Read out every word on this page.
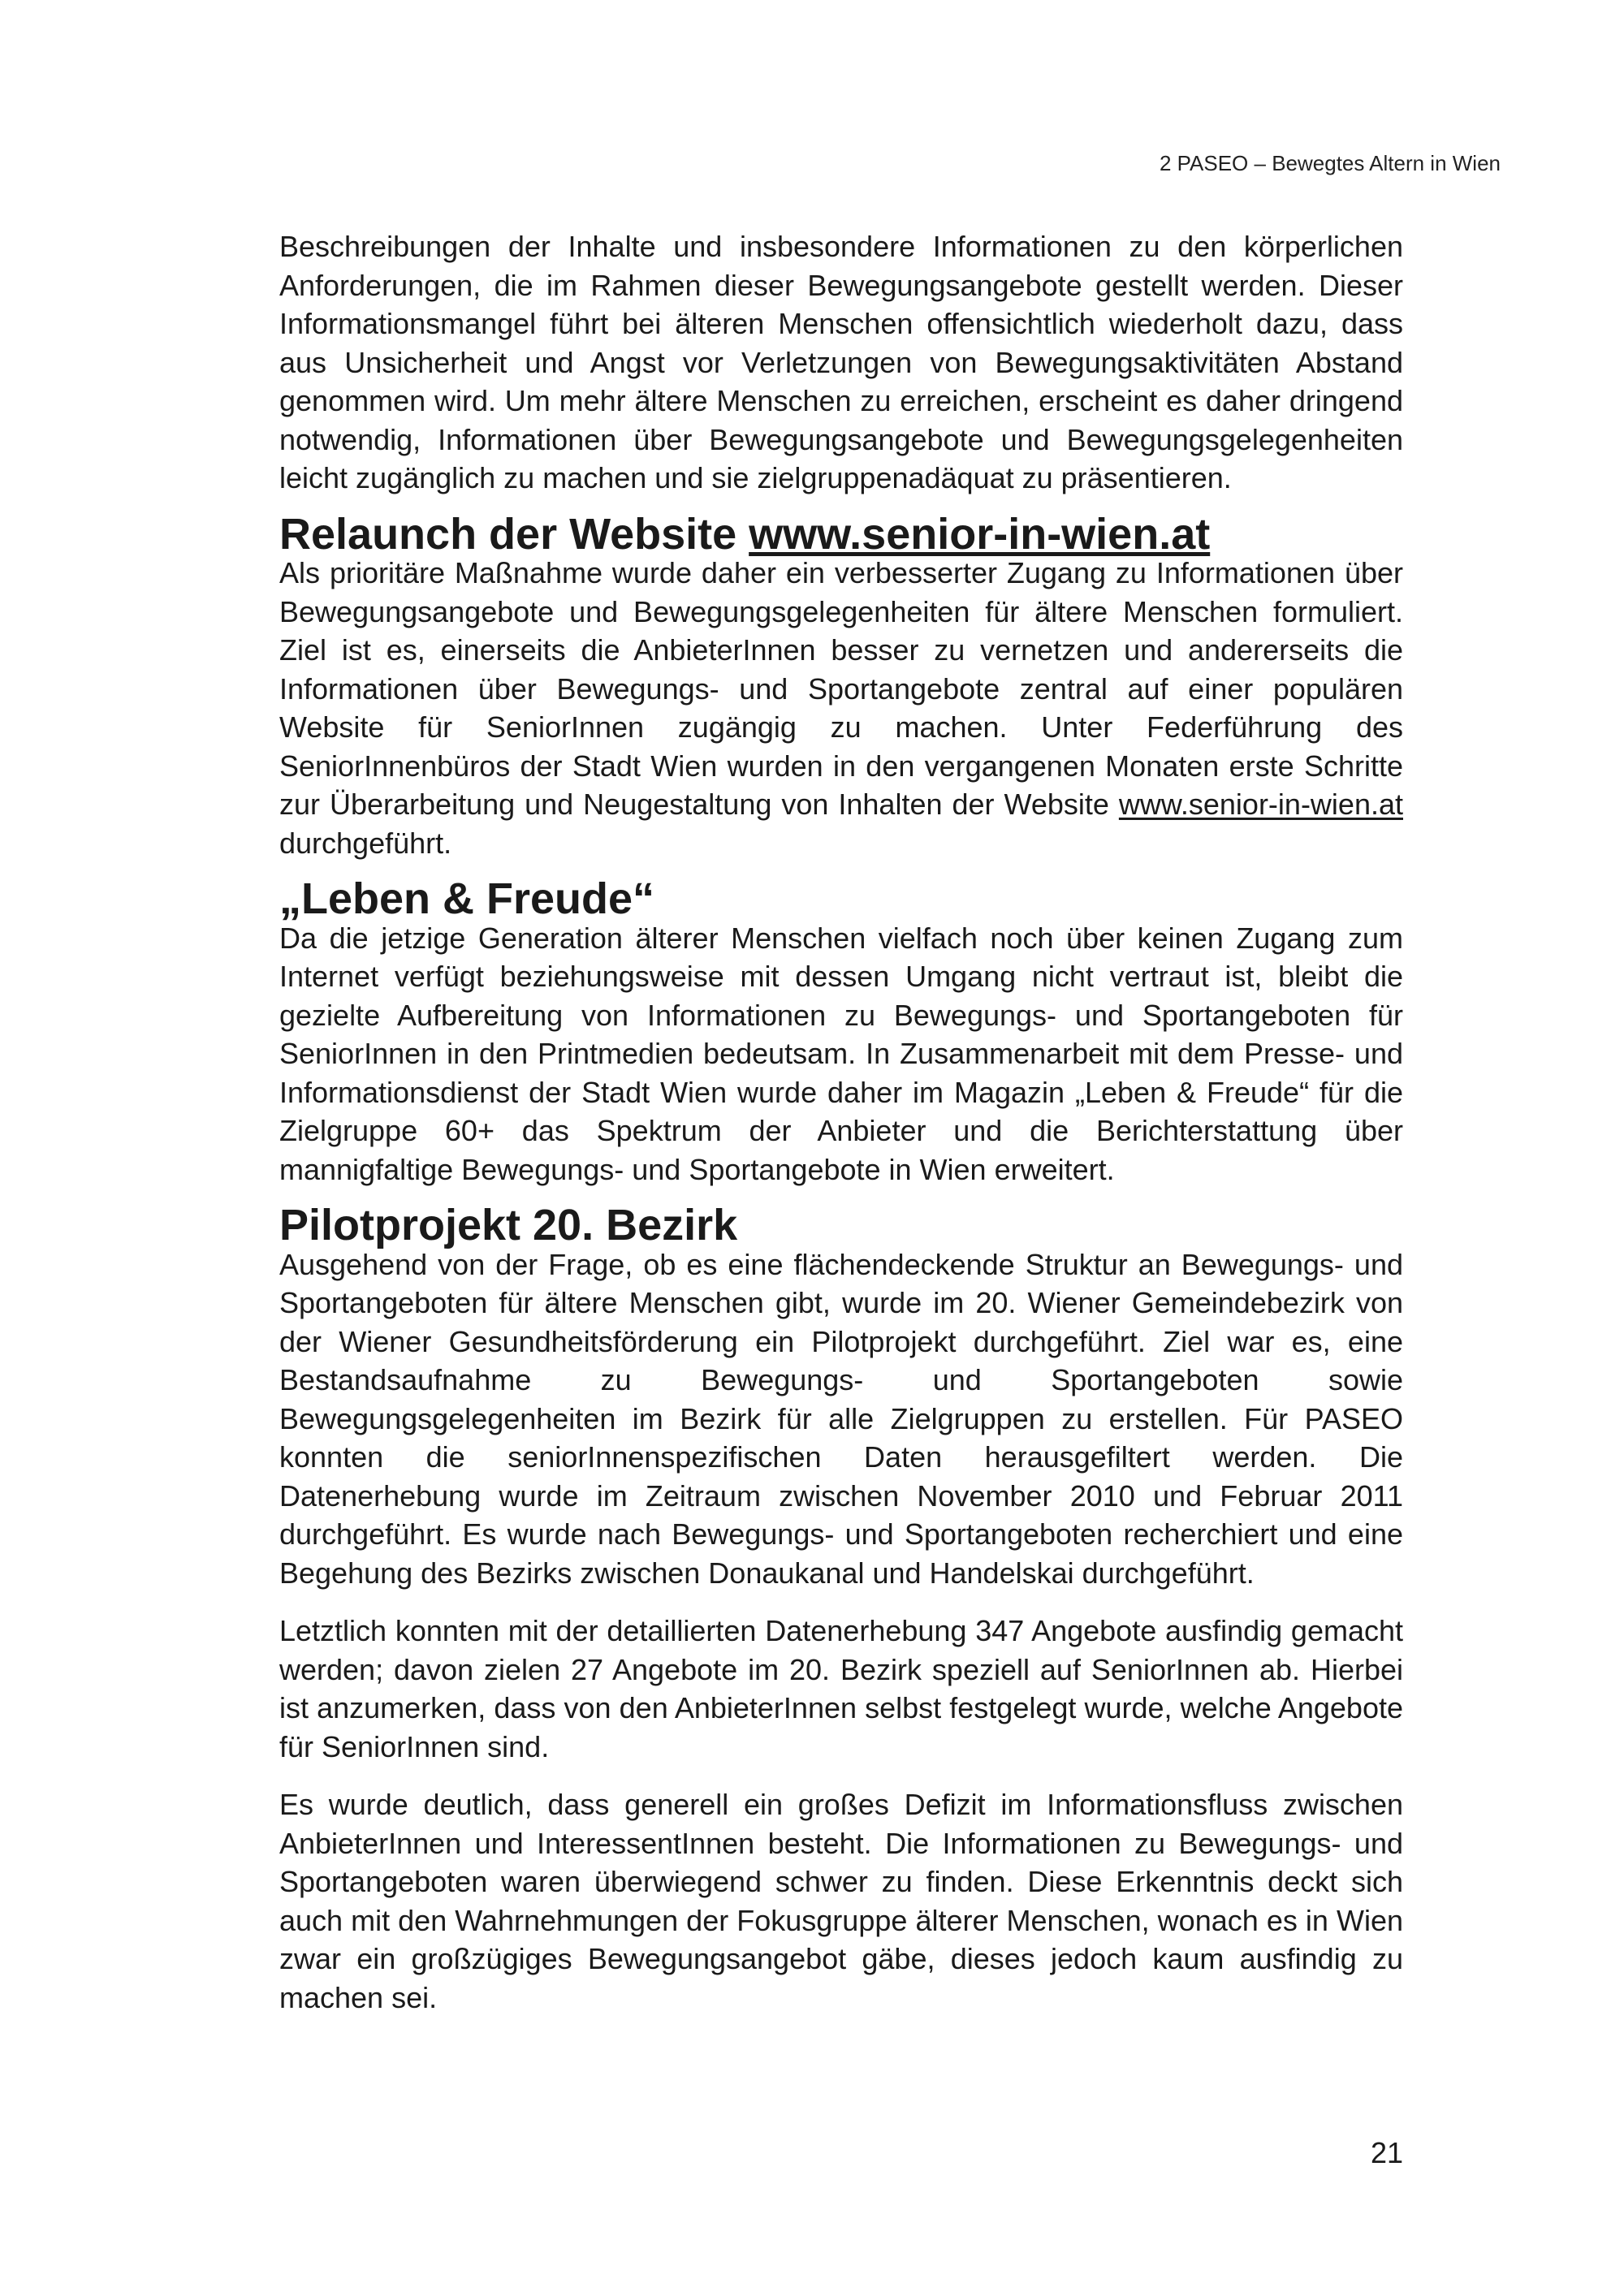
2 PASEO – Bewegtes Altern in Wien

Beschreibungen der Inhalte und insbesondere Informationen zu den körperlichen Anforderungen, die im Rahmen dieser Bewegungsangebote gestellt werden. Dieser Informationsmangel führt bei älteren Menschen offensichtlich wiederholt dazu, dass aus Unsicherheit und Angst vor Verletzungen von Bewegungsaktivitäten Abstand genommen wird. Um mehr ältere Menschen zu erreichen, erscheint es daher dringend notwendig, Informationen über Bewegungsangebote und Bewegungsgelegenheiten leicht zugänglich zu machen und sie zielgruppenadäquat zu präsentieren.

Relaunch der Website www.senior-in-wien.at

Als prioritäre Maßnahme wurde daher ein verbesserter Zugang zu Informationen über Bewegungsangebote und Bewegungsgelegenheiten für ältere Menschen formuliert. Ziel ist es, einerseits die AnbieterInnen besser zu vernetzen und andererseits die Informationen über Bewegungs- und Sportangebote zentral auf einer populären Website für SeniorInnen zugängig zu machen. Unter Federführung des SeniorInnenbüros der Stadt Wien wurden in den vergangenen Monaten erste Schritte zur Überarbeitung und Neugestaltung von Inhalten der Website www.senior-in-wien.at durchgeführt.

„Leben & Freude“

Da die jetzige Generation älterer Menschen vielfach noch über keinen Zugang zum Internet verfügt beziehungsweise mit dessen Umgang nicht vertraut ist, bleibt die gezielte Aufbereitung von Informationen zu Bewegungs- und Sportangeboten für SeniorInnen in den Printmedien bedeutsam. In Zusammenarbeit mit dem Presse- und Informationsdienst der Stadt Wien wurde daher im Magazin „Leben & Freude“ für die Zielgruppe 60+ das Spektrum der Anbieter und die Berichterstattung über mannigfaltige Bewegungs- und Sportangebote in Wien erweitert.

Pilotprojekt 20. Bezirk

Ausgehend von der Frage, ob es eine flächendeckende Struktur an Bewegungs- und Sportangeboten für ältere Menschen gibt, wurde im 20. Wiener Gemeindebezirk von der Wiener Gesundheitsförderung ein Pilotprojekt durchgeführt. Ziel war es, eine Bestandsaufnahme zu Bewegungs- und Sportangeboten sowie Bewegungsgelegenheiten im Bezirk für alle Zielgruppen zu erstellen. Für PASEO konnten die seniorInnenspezifischen Daten herausgefiltert werden. Die Datenerhebung wurde im Zeitraum zwischen November 2010 und Februar 2011 durchgeführt. Es wurde nach Bewegungs- und Sportangeboten recherchiert und eine Begehung des Bezirks zwischen Donaukanal und Handelskai durchgeführt.

Letztlich konnten mit der detaillierten Datenerhebung 347 Angebote ausfindig gemacht werden; davon zielen 27 Angebote im 20. Bezirk speziell auf SeniorInnen ab. Hierbei ist anzumerken, dass von den AnbieterInnen selbst festgelegt wurde, welche Angebote für SeniorInnen sind.

Es wurde deutlich, dass generell ein großes Defizit im Informationsfluss zwischen AnbieterInnen und InteressentInnen besteht. Die Informationen zu Bewegungs- und Sportangeboten waren überwiegend schwer zu finden. Diese Erkenntnis deckt sich auch mit den Wahrnehmungen der Fokusgruppe älterer Menschen, wonach es in Wien zwar ein großzügiges Bewegungsangebot gäbe, dieses jedoch kaum ausfindig zu machen sei.

21
